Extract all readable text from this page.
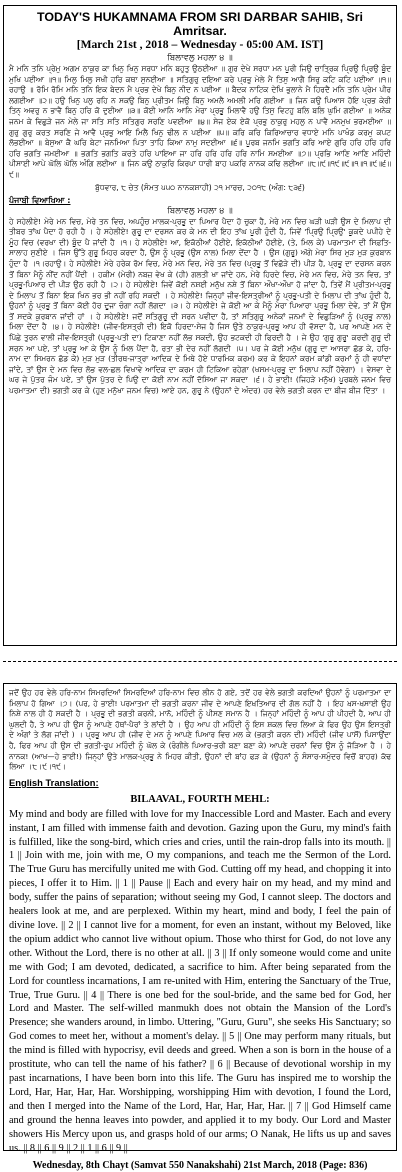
TODAY'S HUKAMNAMA FROM SRI DARBAR SAHIB, Sri Amritsar.

[March 21st , 2018 – Wednesday - 05:00 AM. IST]

ਬਿਲਾਵਲੁ ਮਹਲਾ ੪ ॥

ਮੈ ਮਨਿ ਤਨਿ ਪ੍ਰੇਮੁ ਅਗਮ ਠਾਕੁਰ ਕਾ ਖਿਨੁ ਖਿਨੁ ਸਰਧਾ ਮਨਿ ਬਹੁਤੁ ਉਠਈਆ ॥ ਗੁਰ ਦੇਖੇ ਸਰਧਾ ਮਨ ਪੂਰੀ ਜਿਉ ਚਾਤ੍ਰਿਕ ਪ੍ਰਿਉ ਪ੍ਰਿਉ ਬੂੰਦ ਮੁਖਿ ਪਈਆ ॥੧॥ ਮਿਲੁ ਮਿਲੁ ਸਖੀ ਹਰਿ ਕਥਾ ਸੁਨਈਆ ॥ ਸਤਿਗੁਰੁ ਦਇਆ ਕਰੇ ਪ੍ਰਭੁ ਮੇਲੇ ਮੈ ਤਿਸੁ ਆਗੈ ਸਿਰੁ ਕਟਿ ਕਟਿ ਪਈਆ ॥੧॥ ਰਹਾਉ ॥ ਰੋਮਿ ਰੋਮਿ ਮਨਿ ਤਨਿ ਇਕ ਬੇਦਨ ਮੈ ਪ੍ਰਭ ਦੇਖੇ ਬਿਨੁ ਨੀਦ ਨ ਪਈਆ ॥ ਬੈਦਕ ਨਾਟਿਕ ਦੇਖਿ ਭੁਲਾਨੇ ਮੈ ਹਿਰਦੈ ਮਨਿ ਤਨਿ ਪ੍ਰੇਮ ਪੀਰ ਲਗਈਆ ॥੨॥ ਹਉ ਖਿਨੁ ਪਲੁ ਰਹਿ ਨ ਸਕਉ ਬਿਨੁ ਪ੍ਰੀਤਮ ਜਿਉ ਬਿਨੁ ਅਮਲੈ ਅਮਲੀ ਮਰਿ ਗਈਆ ॥ ਜਿਨ ਕਉ ਪਿਆਸ ਹੋਇ ਪ੍ਰਭ ਕੇਰੀ ਤਿਨ੍‍ ਅਵਰੁ ਨ ਭਾਵੈ ਬਿਨੁ ਹਰਿ ਕੋ ਦੁਈਆ ॥੩॥ ਕੋਈ ਆਨਿ ਆਨਿ ਮੇਰਾ ਪ੍ਰਭੂ ਮਿਲਾਵੈ ਹਉ ਤਿਸੁ ਵਿਟਹੁ ਬਲਿ ਬਲਿ ਘੁਮਿ ਗਈਆ ॥ ਅਨੇਕ ਜਨਮ ਕੇ ਵਿਛੁੜੇ ਜਨ ਮੇਲੇ ਜਾ ਸਤਿ ਸਤਿ ਸਤਿਗੁਰ ਸਰਣਿ ਪਵਈਆ ॥੪॥ ਸੇਜ ਏਕ ਏਕੋ ਪ੍ਰਭੁ ਠਾਕੁਰੁ ਮਹਲੁ ਨ ਪਾਵੈ ਮਨਮੁਖ ਭਰਮਈਆ ॥ ਗੁਰੁ ਗੁਰੁ ਕਰਤ ਸਰਣਿ ਜੇ ਆਵੈ ਪ੍ਰਭੁ ਆਇ ਮਿਲੈ ਖਿਨੁ ਢੀਲ ਨ ਪਈਆ ॥੫॥ ਕਰਿ ਕਰਿ ਕਿਰਿਆਚਾਰ ਵਧਾਏ ਮਨਿ ਪਾਖੰਡ ਕਰਮੁ ਕਪਟ ਲੋਭਈਆ ॥ ਬੇਸੁਆ ਕੈ ਘਰਿ ਬੇਟਾ ਜਨਮਿਆ ਪਿਤਾ ਤਾਹਿ ਕਿਆ ਨਾਮੁ ਸਦਈਆ ॥੬॥ ਪੂਰਬ ਜਨਮਿ ਭਗਤਿ ਕਰਿ ਆਏ ਗੁਰਿ ਹਰਿ ਹਰਿ ਹਰਿ ਹਰਿ ਭਗਤਿ ਜਮਈਆ ॥ ਭਗਤਿ ਭਗਤਿ ਕਰਤੇ ਹਰਿ ਪਾਇਆ ਜਾ ਹਰਿ ਹਰਿ ਹਰਿ ਹਰਿ ਨਾਮਿ ਸਮਈਆ ॥੭॥ ਪ੍ਰਭਿ ਆਣਿ ਆਣਿ ਮਹਿੰਦੀ ਪੀਸਾਈ ਆਪੇ ਘੋਲਿ ਘੋਲਿ ਅੰਗਿ ਲਈਆ ॥ ਜਿਨ ਕਉ ਠਾਕੁਰਿ ਕਿਰਪਾ ਧਾਰੀ ਬਾਹ ਪਕਰਿ ਨਾਨਕ ਕਢਿ ਲਈਆ ॥੮॥੯॥੧੯॥੯॥੧॥੧॥੯॥੬॥੯॥

ਬੁੱਧਵਾਰ, ੮ ਚੇਤ (ਸੰਮਤ ੫੫੦ ਨਾਨਕਸ਼ਾਹੀ) ੨੧ ਮਾਰਚ, ੨੦੧੮ (ਅੰਗ: ੮੩੬)

ਪੰਜਾਬੀ ਵਿਆਖਿਆ :

ਬਿਲਾਵਲੁ ਮਹਲਾ ੪ ॥

ਹੇ ਸਹੇਲੀਏ! ਮੇਰੇ ਮਨ ਵਿਚ, ਮੇਰੇ ਤਨ ਵਿਚ, ਅਪਹੁੰਚ ਮਾਲਕ-ਪ੍ਰਭੂ ਦਾ ਪਿਆਰ ਪੈਦਾ ਹੋ ਚੁਕਾ ਹੈ, ਮੇਰੇ ਮਨ ਵਿਚ ਘੜੀ ਘੜੀ ਉਸ ਦੇ ਮਿਲਾਪ ਦੀ ਤੀਬਰ ਤਾਂਘ ਪੈਦਾ ਹੋ ਰਹੀ ਹੈ । ਹੇ ਸਹੇਲੀਏ! ਗੁਰੂ ਦਾ ਦਰਸਨ ਕਰ ਕੇ ਮਨ ਦੀ ਇਹ ਤਾਂਘ ਪੂਰੀ ਹੁੰਦੀ ਹੈ, ਜਿਵੇਂ 'ਪ੍ਰਿਉ ਪ੍ਰਿਉ' ਕੂਕਦੇ ਪਪੀਹੇ ਦੇ ਮੂੰਹ ਵਿਚ (ਵਰਖਾ ਦੀ) ਬੂੰਦ ਪੈ ਜਾਂਦੀ ਹੈ ।੧। ਹੇ ਸਹੇਲੀਏ! ਆ, ਇਕੱਠੀਆਂ ਹੋਈਏ, ਇਕੱਠੀਆਂ ਹੋਈਏ, (ਤੇ, ਮਿਲ ਕੇ) ਪਰਮਾਤਮਾ ਦੀ ਸਿਫ਼ਤਿ-ਸਾਲਾਹ ਸੁਣੀਏ । ਜਿਸ ਉੱਤੇ ਗੁਰੂ ਮਿਹਰ ਕਰਦਾ ਹੈ, ਉਸ ਨੂੰ ਪ੍ਰਭੂ (ਉਸ ਨਾਲ) ਮਿਲਾ ਦੇਂਦਾ ਹੈ । ਉਸ (ਗੁਰੂ) ਅੱਗੇ ਮੇਰਾ ਸਿਰ ਮੁੜ ਮੁੜ ਕੁਰਬਾਨ ਹੁੰਦਾ ਹੈ ।੧।ਰਹਾਉ। ਹੇ ਸਹੇਲੀਏ! ਮੇਰੇ ਹਰੇਕ ਰੋਮ ਵਿਚ, ਮੇਰੇ ਮਨ ਵਿਚ, ਮੇਰੇ ਤਨ ਵਿਚ (ਪ੍ਰਭੂ ਤੋਂ ਵਿਛੋੜੇ ਦੀ) ਪੀੜ ਹੈ, ਪ੍ਰਭੂ ਦਾ ਦਰਸਨ ਕਰਨ ਤੋਂ ਬਿਨਾ ਮੈਨੂੰ ਨੀਂਦ ਨਹੀਂ ਪੈਂਦੀ । ਹਕੀਮ (ਮੇਰੀ) ਨਬਜ਼ ਵੇਖ ਕੇ (ਹੀ) ਗਲਤੀ ਖਾ ਜਾਂਦੇ ਹਨ, ਮੇਰੇ ਹਿਰਦੇ ਵਿਚ, ਮੇਰੇ ਮਨ ਵਿਚ, ਮੇਰੇ ਤਨ ਵਿਚ, ਤਾਂ ਪ੍ਰਭੂ-ਪਿਆਰ ਦੀ ਪੀੜ ਉਠ ਰਹੀ ਹੈ ।੨। ਹੇ ਸਹੇਲੀਏ! ਜਿਵੇਂ ਕੋਈ ਨਸ਼ਈ ਮਨੁੱਖ ਨਸ਼ੇ ਤੋਂ ਬਿਨਾ ਔਖਾ-ਔਖਾ ਹੋ ਜਾਂਦਾ ਹੈ, ਤਿਵੇਂ ਮੈਂ ਪ੍ਰੀਤਮ-ਪ੍ਰਭੂ ਦੇ ਮਿਲਾਪ ਤੋਂ ਬਿਨਾ ਇਕ ਖਿਨ ਭਰ ਭੀ ਨਹੀਂ ਰਹਿ ਸਕਦੀ । ਹੇ ਸਹੇਲੀਏ! ਜਿਨ੍ਹਾਂ ਜੀਵ-ਇਸਤ੍ਰੀਆਂ ਨੂੰ ਪ੍ਰਭੂ-ਪਤੀ ਦੇ ਮਿਲਾਪ ਦੀ ਤਾਂਘ ਹੁੰਦੀ ਹੈ, ਉਹਨਾਂ ਨੂੰ ਪ੍ਰਭੂ ਤੋਂ ਬਿਨਾ ਕੋਈ ਹੋਰ ਦੂਜਾ ਚੰਗਾ ਨਹੀਂ ਲੱਗਦਾ ।੩। ਹੇ ਸਹੇਲੀਏ! ਜੇ ਕੋਈ ਆ ਕੇ ਮੈਨੂੰ ਮੇਰਾ ਪਿਆਰਾ ਪ੍ਰਭੂ ਮਿਲਾ ਦੇਵੇ, ਤਾਂ ਮੈਂ ਉਸ ਤੋਂ ਸਦਕੇ ਕੁਰਬਾਨ ਜਾਂਦੀ ਹਾਂ । ਹੇ ਸਹੇਲੀਏ! ਜਦੋਂ ਸਤਿਗੁਰੂ ਦੀ ਸਰਨ ਪਵੀਦਾ ਹੈ, ਤਾਂ ਸਤਿਗੁਰੂ ਅਨੇਕਾਂ ਜਨਮਾਂ ਦੇ ਵਿਛੁੜਿਆਂ ਨੂੰ (ਪ੍ਰਭੂ ਨਾਲ) ਮਿਲਾ ਦੇਂਦਾ ਹੈ ।੪। ਹੇ ਸਹੇਲੀਏ! (ਜੀਵ-ਇਸਤ੍ਰੀ ਦੀ) ਇਕੋ ਹਿਰਦਾ-ਸੇਜ ਹੈ ਜਿਸ ਉਤੇ ਠਾਕੁਰ-ਪ੍ਰਭੂ ਆਪ ਹੀ ਵੱਸਦਾ ਹੈ, ਪਰ ਆਪਣੇ ਮਨ ਦੇ ਪਿੱਛੇ ਤੁਰਨ ਵਾਲੀ ਜੀਵ-ਇਸਤ੍ਰੀ (ਪ੍ਰਭੂ-ਪਤੀ ਦਾ) ਟਿਕਾਣਾ ਨਹੀਂ ਲੱਭ ਸਕਦੀ, ਉਹ ਭਟਕਦੀ ਹੀ ਫਿਰਦੀ ਹੈ । ਜੇ ਉਹ 'ਗੁਰੂ ਗੁਰੂ' ਕਰਦੀ ਗੁਰੂ ਦੀ ਸਰਨ ਆ ਪਏ, ਤਾਂ ਪ੍ਰਭੂ ਆ ਕੇ ਉਸ ਨੂੰ ਮਿਲ ਪੈਂਦਾ ਹੈ, ਰਤਾ ਭੀ ਦੇਰ ਨਹੀਂ ਲੱਗਦੀ ।੫। ਪਰ ਜੇ ਕੋਈ ਮਨੁੱਖ (ਗੁਰੂ ਦਾ ਆਸਰਾ ਛੱਡ ਕੇ, ਹਰਿ-ਨਾਮ ਦਾ ਸਿਮਰਨ ਛੱਡ ਕੇ) ਮੁੜ ਮੁੜ (ਤੀਰਥ-ਜਾਤ੍ਰਾ ਆਦਿਕ ਦੇ ਮਿਥੇ ਹੋਏ ਧਾਰਮਿਕ ਕਰਮ) ਕਰ ਕੇ ਇਹਨਾਂ ਕਰਮ ਕਾਂਡੀ ਕਰਮਾਂ ਨੂੰ ਹੀ ਵਧਾਂਦਾ ਜਾਂਦੇ, ਤਾਂ ਉਸ ਦੇ ਮਨ ਵਿਚ ਲੋਭ ਵਲ-ਛਲ ਵਿਖਾਵੇ ਆਦਿਕ ਦਾ ਕਰਮ ਹੀ ਟਿਕਿਆ ਰਹੇਗਾ (ਖਸਮ-ਪ੍ਰਭੂ ਦਾ ਮਿਲਾਪ ਨਹੀਂ ਹੋਵੇਗਾ) । ਵੇਸਵਾ ਦੇ ਘਰ ਜੇ ਪੁੱਤਰ ਜੰਮ ਪਏ, ਤਾਂ ਉਸ ਪੁੱਤਰ ਦੇ ਪਿਉ ਦਾ ਕੋਈ ਨਾਮ ਨਹੀਂ ਦੱਸਿਆ ਜਾ ਸਕਦਾ ।੬। ਹੇ ਭਾਈ! (ਜਿਹੜੇ ਮਨੁੱਖ) ਪੂਰਬਲੇ ਜਨਮ ਵਿਚ ਪਰਮਾਤਮਾ ਦੀ) ਭਗਤੀ ਕਰ ਕੇ (ਹੁਣ ਮਨੁੱਖਾ ਜਨਮ ਵਿਚ) ਆਏ ਹਨ, ਗੁਰੂ ਨੇ (ਉਹਨਾਂ ਦੇ ਅੰਦਰ) ਹਰ ਵੇਲੇ ਭਗਤੀ ਕਰਨ ਦਾ ਬੀਜ ਬੀਜ ਦਿੱਤਾ ।

ਜਦੋਂ ਉਹ ਹਰ ਵੇਲੇ ਹਰਿ-ਨਾਮ ਸਿਮਰਦਿਆਂ ਸਿਮਰਦਿਆਂ ਹਰਿ-ਨਾਮ ਵਿਚ ਲੀਨ ਹੋ ਗਏ, ਤਦੋਂ ਹਰ ਵੇਲੇ ਭਗਤੀ ਕਰਦਿਆਂ ਉਹਨਾਂ ਨੂੰ ਪਰਮਾਤਮਾ ਦਾ ਮਿਲਾਪ ਹੋ ਗਿਆ ।੭। (ਪਰ, ਹੇ ਭਾਈ! ਪਰਮਾਤਮਾ ਦੀ ਭਗਤੀ ਕਰਨਾ ਜੀਵ ਦੇ ਆਪਣੇ ਇਖ਼ਤਿਆਰ ਦੀ ਗੱਲ ਨਹੀਂ ਹੈ । ਇਹ ਖ਼ਸ-ਖ਼ਸਾਈ ਉਹ ਨਿਸ਼ੇ ਨਾਲ ਹੀ ਹੋ ਸਕਦੀ ਹੈ । ਪ੍ਰਭੂ ਦੀ ਭਗਤੀ ਕਰਨੀ, ਮਾਨੋ, ਮਹਿੰਦੀ ਨੂੰ ਪੀਸਣ ਸਮਾਨ ਹੈ । ਜਿਨ੍ਹਾਂ ਮਹਿੰਦੀ ਨੂੰ ਆਪ ਹੀ ਪੀਹਦੀ ਹੈ, ਆਪ ਹੀ ਘੁਲਦੀ ਹੈ, ਤੇ ਆਪ ਹੀ ਉਸ ਨੂੰ ਆਪਣੇ ਹੱਥਾਂ-ਪੈਰਾਂ ਤੇ ਲਾਂਦੀ ਹੈ । ਉਹ ਆਪ ਹੀ ਮਹਿੰਦੀ ਨੂੰ ਇਸ ਸ਼ਕਲ ਵਿਚ ਲਿਆ ਕੇ ਫਿਰ ਉਹ ਉਸ ਇਸਤ੍ਰੀ ਦੇ ਅੰਗਾਂ ਤੇ ਲੱਗ ਜਾਂਦੀ ) । ਪ੍ਰਭੂ ਆਪ ਹੀ (ਜੀਵ ਦੇ ਮਨ ਨੂੰ ਆਪਣੇ ਪਿਆਰ ਵਿਚ ਮਲ ਕੇ (ਭਗਤੀ ਕਰਨ ਦੀ) ਮਹਿੰਦੀ (ਜੀਵ ਪਾਸੋਂ) ਪਿਸਾਉਂਦਾ ਹੈ, ਫਿਰ ਆਪ ਹੀ ਉਸ ਦੀ ਭਗਤੀ-ਰੂਪ ਮਹਿੰਦੀ ਨੂੰ ਘੋਲ ਕੇ (ਰੰਗੀਲੇ ਪਿਆਰ-ਭਰੀ ਬਣਾ ਬਣਾ ਕੇ) ਆਪਣੇ ਚਰਨਾਂ ਵਿਚ ਉਸ ਨੂੰ ਜੋੜਿਆ ਹੈ । ਹੇ ਨਾਨਕ! (ਆਖ—ਹੇ ਭਾਈ!) ਜਿਨ੍ਹਾਂ ਉਤੇ ਮਾਲਕ-ਪ੍ਰਭੂ ਨੇ ਮਿਹਰ ਕੀਤੀ, ਉਹਨਾਂ ਦੀ ਬਾਂਹ ਫੜ ਕੇ (ਉਹਨਾਂ ਨੂੰ ਸੰਸਾਰ-ਸਮੁੰਦਰ ਵਿਚੋਂ ਬਾਹਰ) ਕੱਢ ਲਿਆ ।੮।੯।੧੯।

English Translation:

BILAAVAL, FOURTH MEHL:

My mind and body are filled with love for my Inaccessible Lord and Master. Each and every instant, I am filled with immense faith and devotion. Gazing upon the Guru, my mind's faith is fulfilled, like the song-bird, which cries and cries, until the rain-drop falls into its mouth. || 1 || Join with me, join with me, O my companions, and teach me the Sermon of the Lord. The True Guru has mercifully united me with God. Cutting off my head, and chopping it into pieces, I offer it to Him. || 1 || Pause || Each and every hair on my head, and my mind and body, suffer the pains of separation; without seeing my God, I cannot sleep. The doctors and healers look at me, and are perplexed. Within my heart, mind and body, I feel the pain of divine love. || 2 || I cannot live for a moment, for even an instant, without my Beloved, like the opium addict who cannot live without opium. Those who thirst for God, do not love any other. Without the Lord, there is no other at all. || 3 || If only someone would come and unite me with God; I am devoted, dedicated, a sacrifice to him. After being separated from the Lord for countless incarnations, I am re-united with Him, entering the Sanctuary of the True, True, True Guru. || 4 || There is one bed for the soul-bride, and the same bed for God, her Lord and Master. The self-willed manmukh does not obtain the Mansion of the Lord's Presence; she wanders around, in limbo. Uttering, "Guru, Guru", she seeks His Sanctuary; so God comes to meet her, without a moment's delay. || 5 || One may perform many rituals, but the mind is filled with hypocrisy, evil deeds and greed. When a son is born in the house of a prostitute, who can tell the name of his father? || 6 || Because of devotional worship in my past incarnations, I have been born into this life. The Guru has inspired me to worship the Lord, Har, Har, Har, Har. Worshipping, worshipping Him with devotion, I found the Lord, and then I merged into the Name of the Lord, Har, Har, Har, Har. || 7 || God Himself came and ground the henna leaves into powder, and applied it to my body. Our Lord and Master showers His Mercy upon us, and grasps hold of our arms; O Nanak, He lifts us up and saves us. || 8 || 6 || 9 || 2 || 1 || 6 || 9 ||

Wednesday, 8th Chayt (Samvat 550 Nanakshahi) 21st March, 2018 (Page: 836)
